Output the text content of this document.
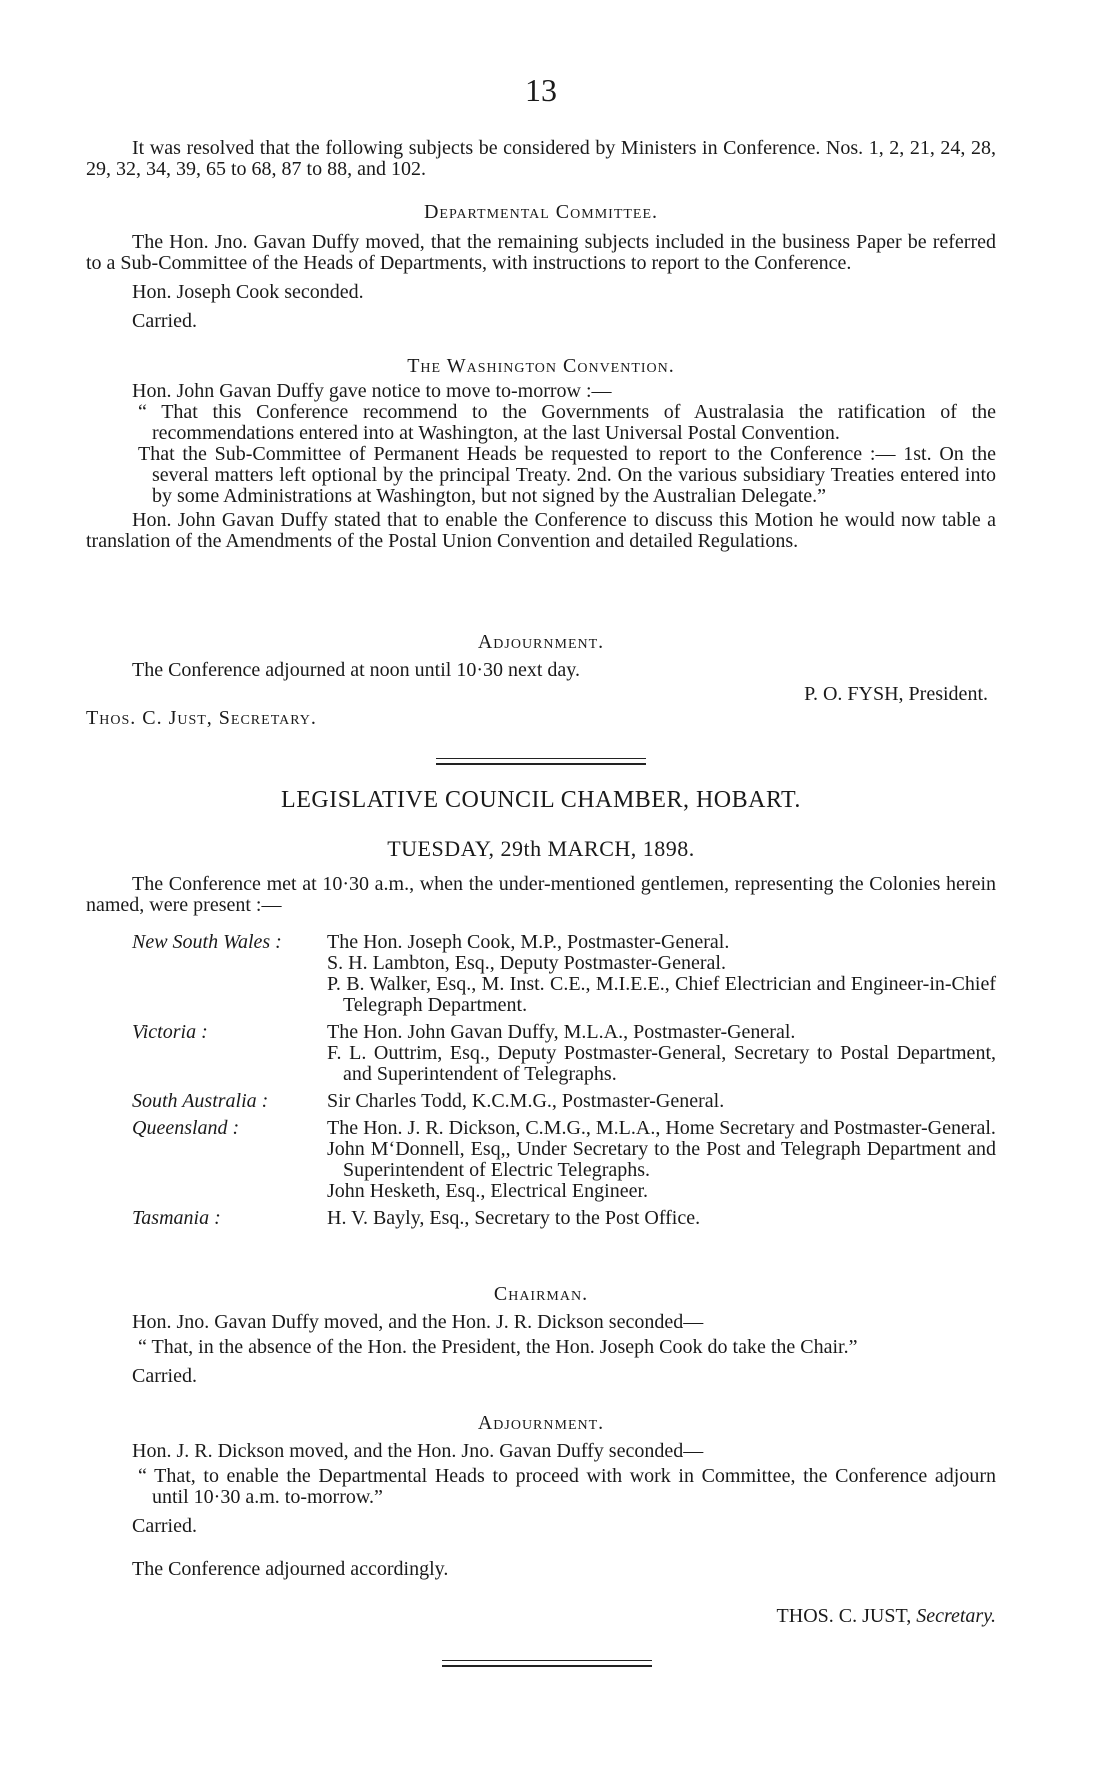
13

It was resolved that the following subjects be considered by Ministers in Conference. Nos. 1, 2, 21, 24, 28, 29, 32, 34, 39, 65 to 68, 87 to 88, and 102.

Departmental Committee.

The Hon. Jno. Gavan Duffy moved, that the remaining subjects included in the business Paper be referred to a Sub-Committee of the Heads of Departments, with instructions to report to the Conference.

Hon. Joseph Cook seconded.

Carried.

The Washington Convention.

Hon. John Gavan Duffy gave notice to move to-morrow :—

“ That this Conference recommend to the Governments of Australasia the ratification of the recommendations entered into at Washington, at the last Universal Postal Convention.

That the Sub-Committee of Permanent Heads be requested to report to the Conference :— 1st. On the several matters left optional by the principal Treaty. 2nd. On the various subsidiary Treaties entered into by some Administrations at Washington, but not signed by the Australian Delegate.”

Hon. John Gavan Duffy stated that to enable the Conference to discuss this Motion he would now table a translation of the Amendments of the Postal Union Convention and detailed Regulations.

Adjournment.

The Conference adjourned at noon until 10·30 next day.

P. O. FYSH, President.

Thos. C. Just, Secretary.

LEGISLATIVE COUNCIL CHAMBER, HOBART.
TUESDAY, 29th MARCH, 1898.

The Conference met at 10·30 a.m., when the under-mentioned gentlemen, representing the Colonies herein named, were present :—

New South Wales :	The Hon. Joseph Cook, M.P., Postmaster-General.
S. H. Lambton, Esq., Deputy Postmaster-General.
P. B. Walker, Esq., M. Inst. C.E., M.I.E.E., Chief Electrician and Engineer-in-Chief Telegraph Department.
Victoria :	The Hon. John Gavan Duffy, M.L.A., Postmaster-General.
F. L. Outtrim, Esq., Deputy Postmaster-General, Secretary to Postal Department, and Superintendent of Telegraphs.
South Australia :	Sir Charles Todd, K.C.M.G., Postmaster-General.
Queensland :	The Hon. J. R. Dickson, C.M.G., M.L.A., Home Secretary and Postmaster-General.
John M‘Donnell, Esq,, Under Secretary to the Post and Telegraph Department and Superintendent of Electric Telegraphs.
John Hesketh, Esq., Electrical Engineer.
Tasmania :	H. V. Bayly, Esq., Secretary to the Post Office.
Chairman.

Hon. Jno. Gavan Duffy moved, and the Hon. J. R. Dickson seconded—

“ That, in the absence of the Hon. the President, the Hon. Joseph Cook do take the Chair.”

Carried.

Adjournment.

Hon. J. R. Dickson moved, and the Hon. Jno. Gavan Duffy seconded—

“ That, to enable the Departmental Heads to proceed with work in Committee, the Conference adjourn until 10·30 a.m. to-morrow.”

Carried.

The Conference adjourned accordingly.

THOS. C. JUST, Secretary.
